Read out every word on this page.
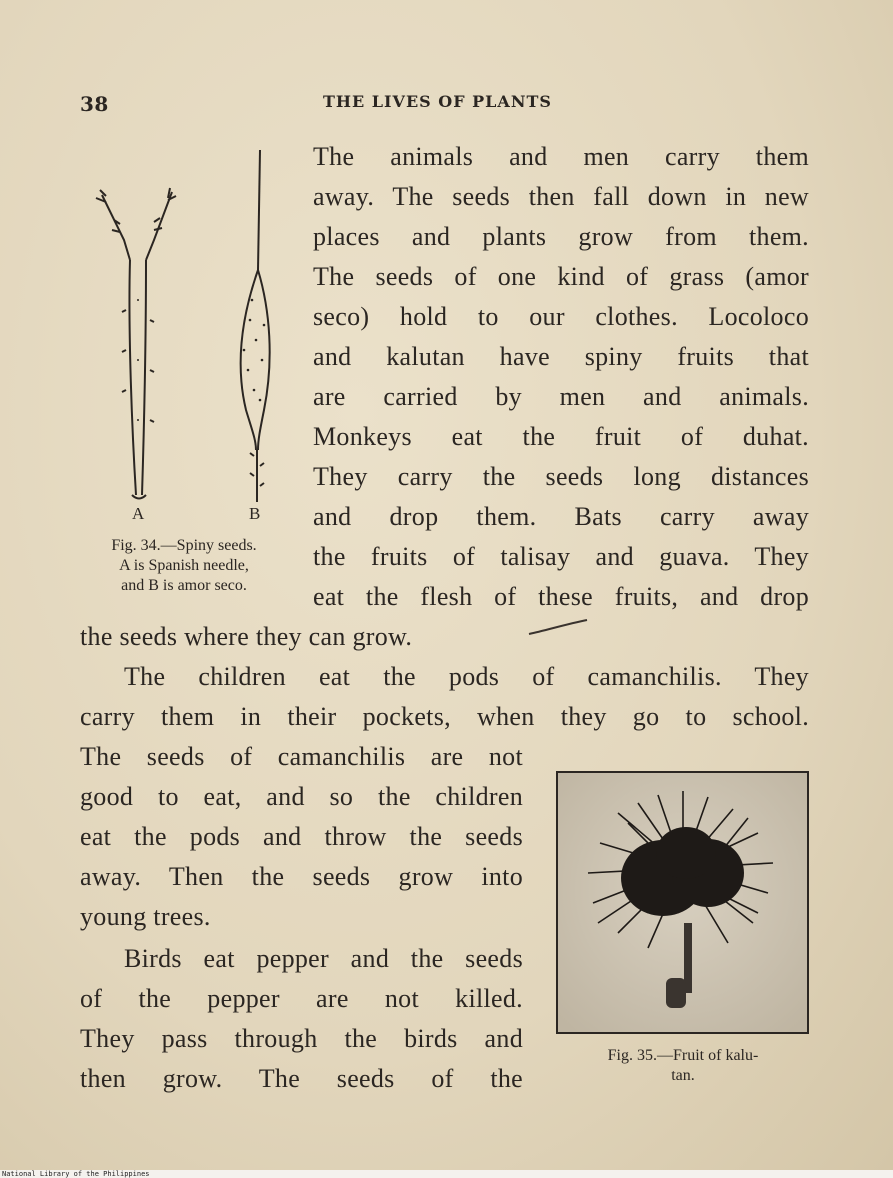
38	THE LIVES OF PLANTS
A	B
Fig. 34.—Spiny seeds.
A is Spanish needle,
and B is amor seco.
The animals and men carry them
away. The seeds then fall down in new
places and plants grow from them.
The seeds of one kind of grass (amor
seco) hold to our clothes. Locoloco
and kalutan have spiny fruits that
are carried by men and animals.
Monkeys eat the fruit of duhat.
They carry the seeds long distances
and drop them. Bats carry away
the fruits of talisay and guava. They
eat the flesh of these fruits, and drop
the seeds where they can grow.
The children eat the pods of camanchilis. They
carry them in their pockets, when they go to school.
The seeds of camanchilis are not
good to eat, and so the children
eat the pods and throw the seeds
away. Then the seeds grow into
young trees.
Birds eat pepper and the seeds
of the pepper are not killed.
They pass through the birds and
then grow. The seeds of the
Fig. 35.—Fruit of kalu-
tan.
National Library of the Philippines
